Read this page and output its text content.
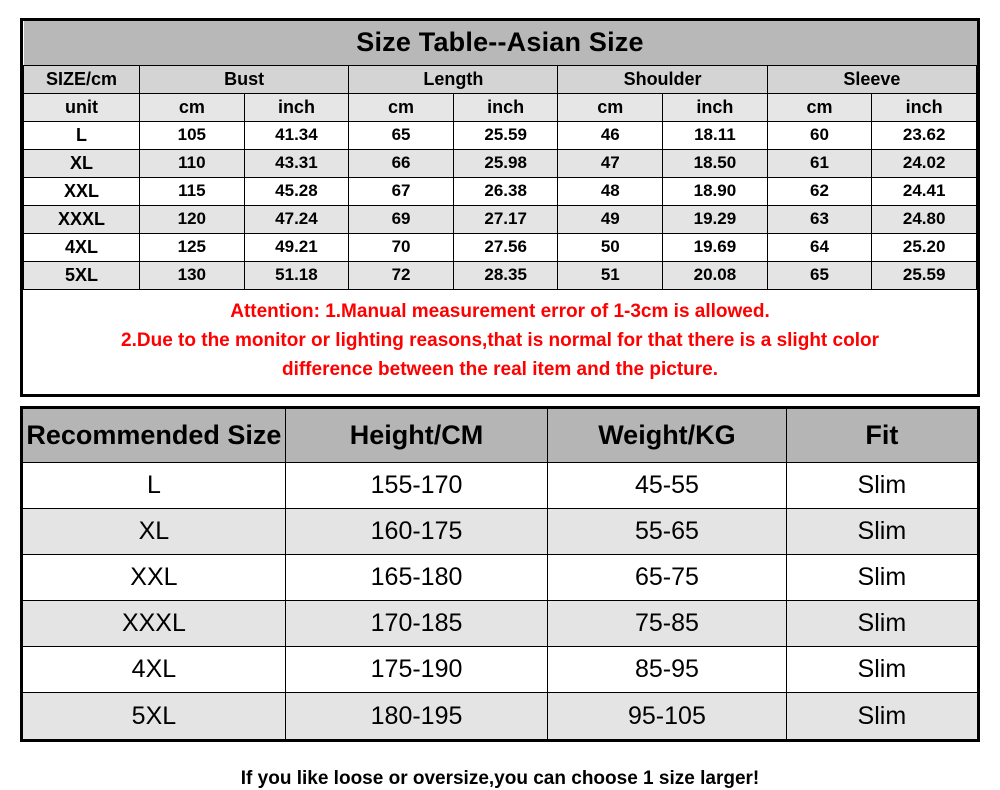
Size Table--Asian Size								
SIZE/cm	Bust		Length		Shoulder		Sleeve	
unit	cm	inch	cm	inch	cm	inch	cm	inch
L	105	41.34	65	25.59	46	18.11	60	23.62
XL	110	43.31	66	25.98	47	18.50	61	24.02
XXL	115	45.28	67	26.38	48	18.90	62	24.41
XXXL	120	47.24	69	27.17	49	19.29	63	24.80
4XL	125	49.21	70	27.56	50	19.69	64	25.20
5XL	130	51.18	72	28.35	51	20.08	65	25.59

Attention: 1.Manual measurement error of 1-3cm is allowed.
2.Due to the monitor or lighting reasons,that is normal for that there is a slight color
difference between the real item and the picture.								
Recommended Size	Height/CM	Weight/KG	Fit
L	155-170	45-55	Slim
XL	160-175	55-65	Slim
XXL	165-180	65-75	Slim
XXXL	170-185	75-85	Slim
4XL	175-190	85-95	Slim
5XL	180-195	95-105	Slim
If you like loose or oversize,you can choose 1 size larger!
